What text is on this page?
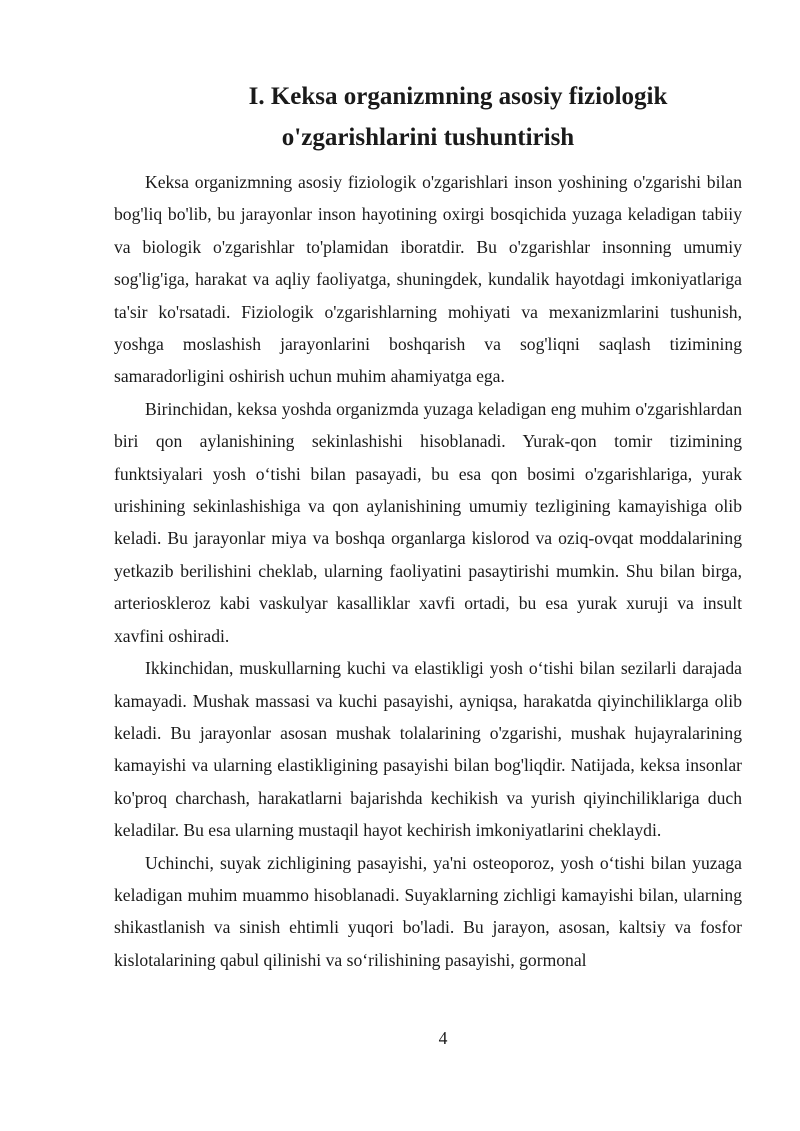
I. Keksa organizmning asosiy fiziologik
o'zgarishlarini tushuntirish

Keksa organizmning asosiy fiziologik o'zgarishlari inson yoshining o'zgarishi bilan bog'liq bo'lib, bu jarayonlar inson hayotining oxirgi bosqichida yuzaga keladigan tabiiy va biologik o'zgarishlar to'plamidan iboratdir. Bu o'zgarishlar insonning umumiy sog'lig'iga, harakat va aqliy faoliyatga, shuningdek, kundalik hayotdagi imkoniyatlariga ta'sir ko'rsatadi. Fiziologik o'zgarishlarning mohiyati va mexanizmlarini tushunish, yoshga moslashish jarayonlarini boshqarish va sog'liqni saqlash tizimining samaradorligini oshirish uchun muhim ahamiyatga ega.

Birinchidan, keksa yoshda organizmda yuzaga keladigan eng muhim o'zgarishlardan biri qon aylanishining sekinlashishi hisoblanadi. Yurak-qon tomir tizimining funktsiyalari yosh o‘tishi bilan pasayadi, bu esa qon bosimi o'zgarishlariga, yurak urishining sekinlashishiga va qon aylanishining umumiy tezligining kamayishiga olib keladi. Bu jarayonlar miya va boshqa organlarga kislorod va oziq-ovqat moddalarining yetkazib berilishini cheklab, ularning faoliyatini pasaytirishi mumkin. Shu bilan birga, arterioskleroz kabi vaskulyar kasalliklar xavfi ortadi, bu esa yurak xuruji va insult xavfini oshiradi.

Ikkinchidan, muskullarning kuchi va elastikligi yosh o‘tishi bilan sezilarli darajada kamayadi. Mushak massasi va kuchi pasayishi, ayniqsa, harakatda qiyinchiliklarga olib keladi. Bu jarayonlar asosan mushak tolalarining o'zgarishi, mushak hujayralarining kamayishi va ularning elastikligining pasayishi bilan bog'liqdir. Natijada, keksa insonlar ko'proq charchash, harakatlarni bajarishda kechikish va yurish qiyinchiliklariga duch keladilar. Bu esa ularning mustaqil hayot kechirish imkoniyatlarini cheklaydi.

Uchinchi, suyak zichligining pasayishi, ya'ni osteoporoz, yosh o‘tishi bilan yuzaga keladigan muhim muammo hisoblanadi. Suyaklarning zichligi kamayishi bilan, ularning shikastlanish va sinish ehtimli yuqori bo'ladi. Bu jarayon, asosan, kaltsiy va fosfor kislotalarining qabul qilinishi va so‘rilishining pasayishi, gormonal

4
